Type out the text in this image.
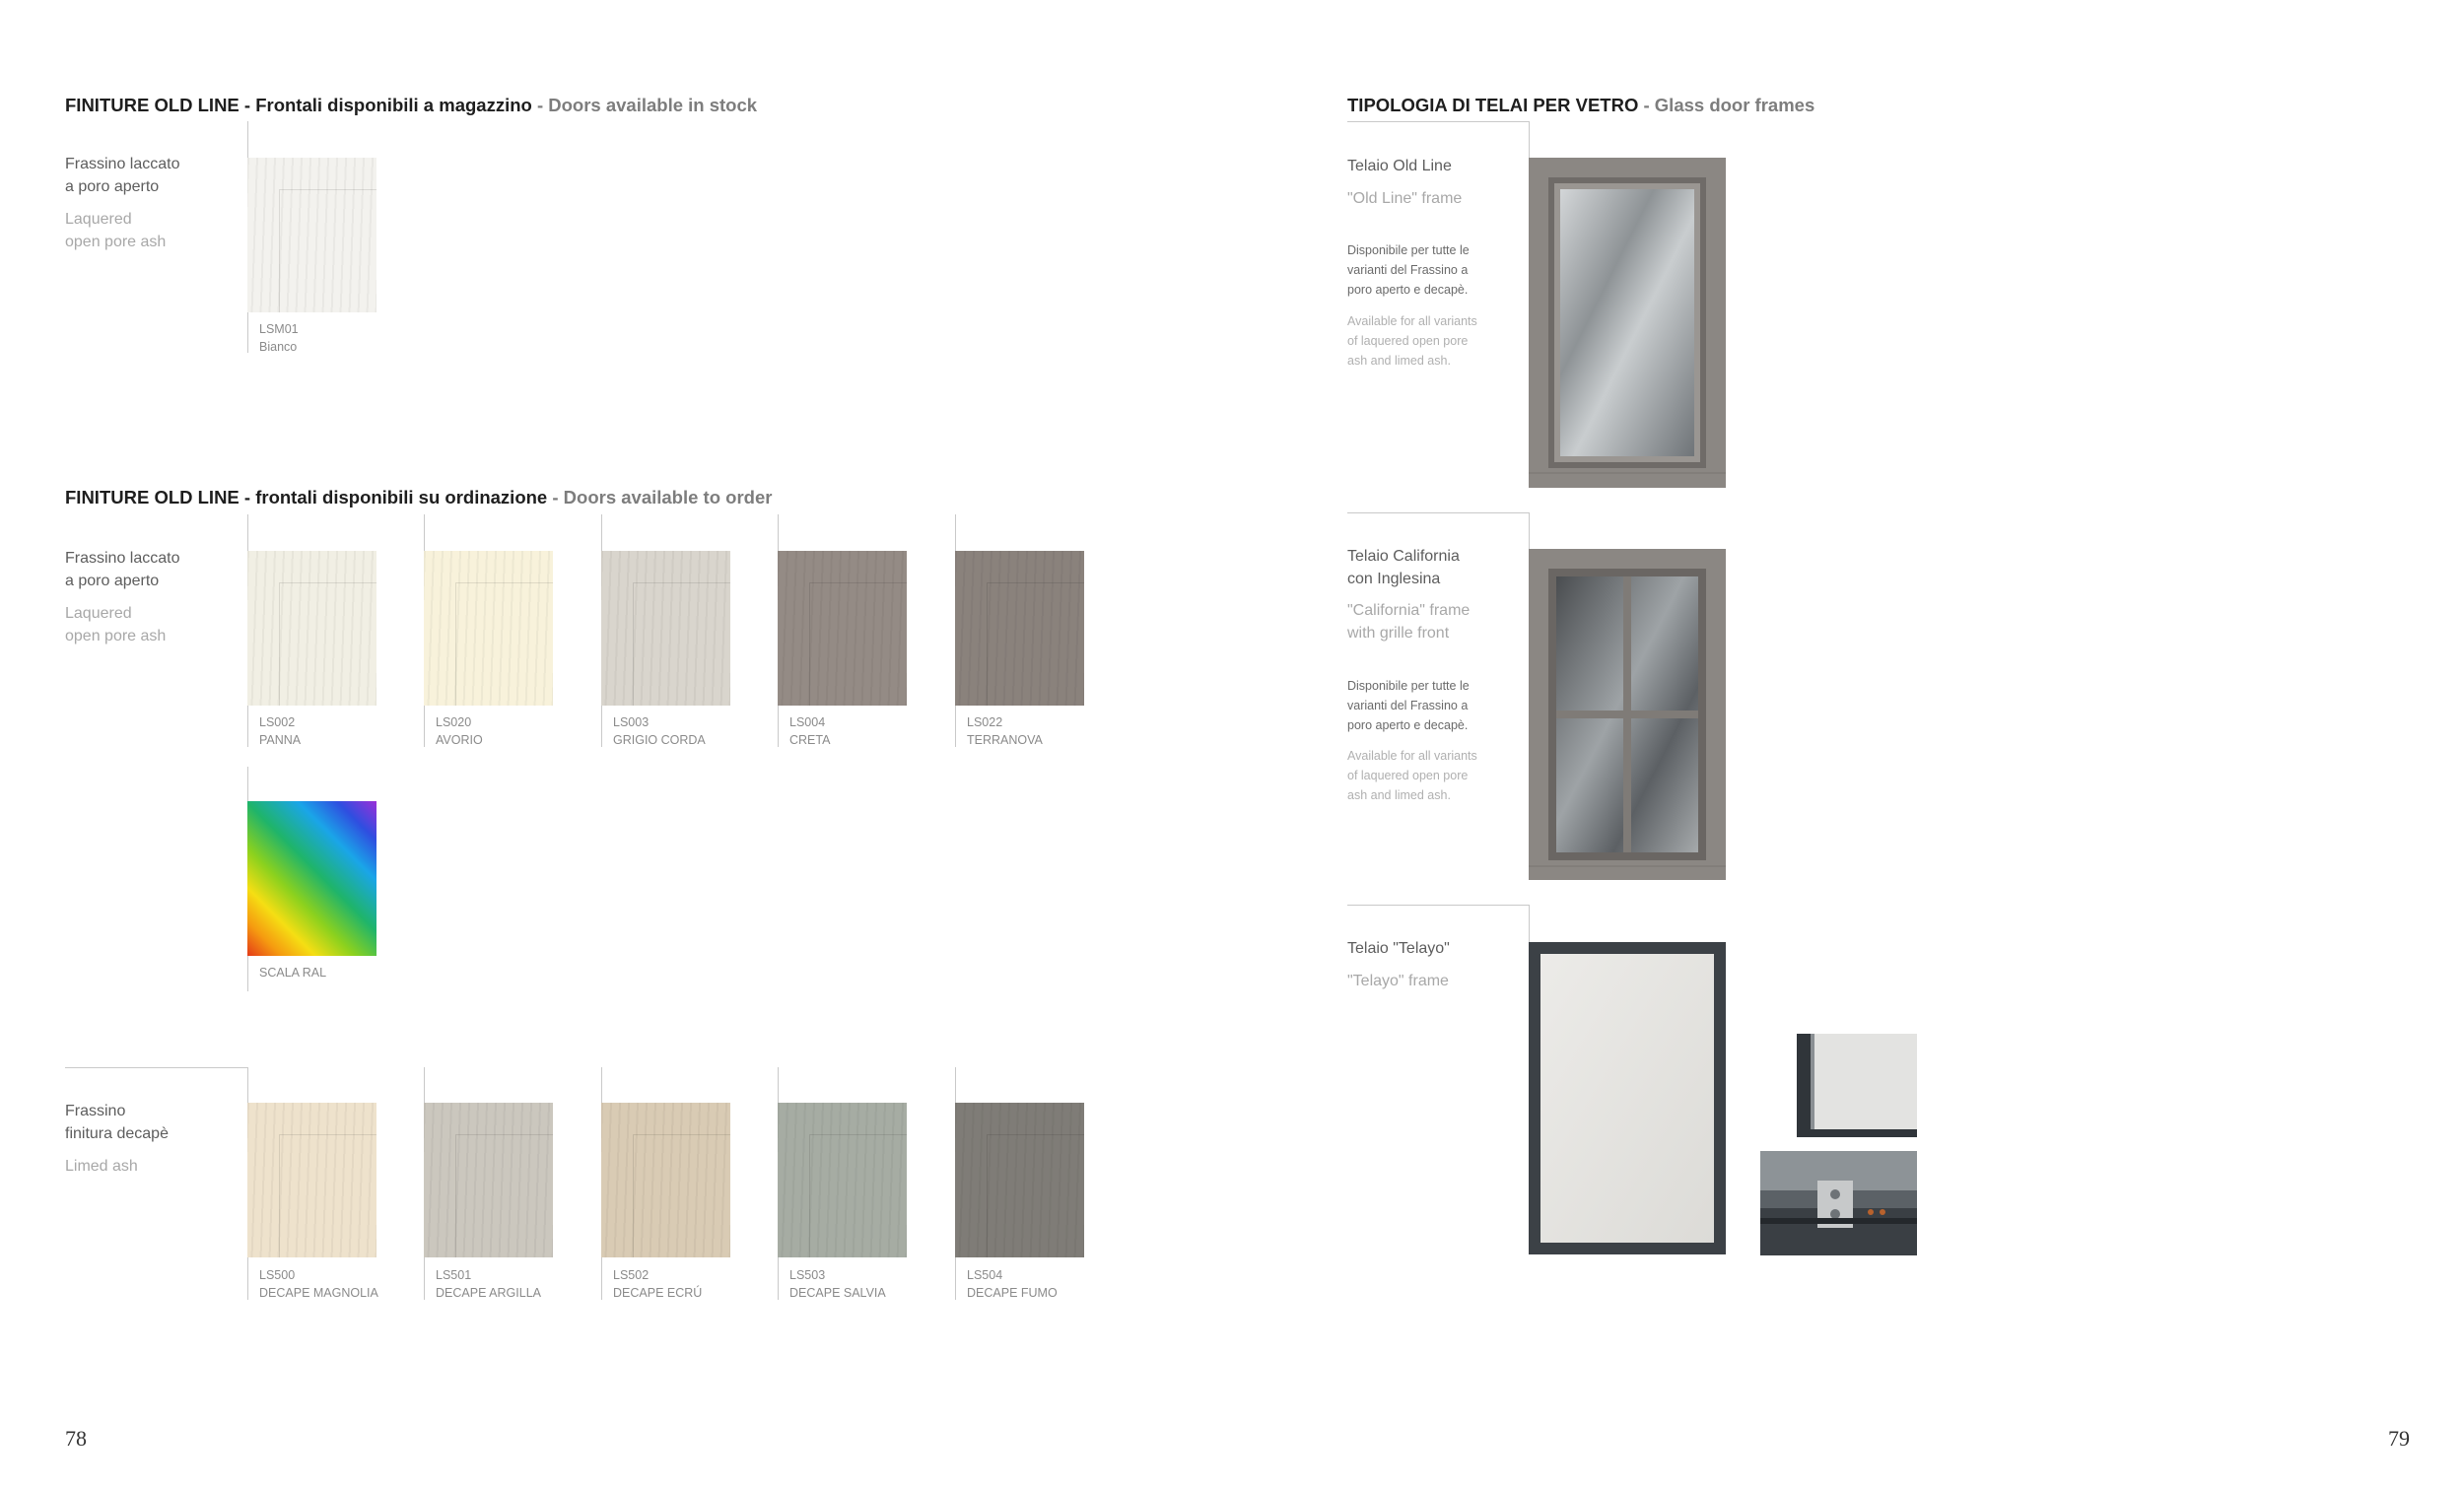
FINITURE OLD LINE - Frontali disponibili a magazzino - Doors available in stock
Frassino laccato
a poro aperto
Laquered
open pore ash
LSM01
Bianco
FINITURE OLD LINE - frontali disponibili su ordinazione - Doors available to order
Frassino laccato
a poro aperto
Laquered
open pore ash
LS002
PANNA
LS020
AVORIO
LS003
GRIGIO CORDA
LS004
CRETA
LS022
TERRANOVA
SCALA RAL
Frassino
finitura decapè
Limed ash
LS500
DECAPE MAGNOLIA
LS501
DECAPE ARGILLA
LS502
DECAPE ECRÚ
LS503
DECAPE SALVIA
LS504
DECAPE FUMO
78
TIPOLOGIA DI TELAI PER VETRO - Glass door frames
Telaio Old Line
"Old Line" frame
Disponibile per tutte le
varianti del Frassino a
poro aperto e decapè.
Available for all variants
of laquered open pore
ash and limed ash.
Telaio California
con Inglesina
"California" frame
with grille front
Disponibile per tutte le
varianti del Frassino a
poro aperto e decapè.
Available for all variants
of laquered open pore
ash and limed ash.
Telaio "Telayo"
"Telayo" frame
79
